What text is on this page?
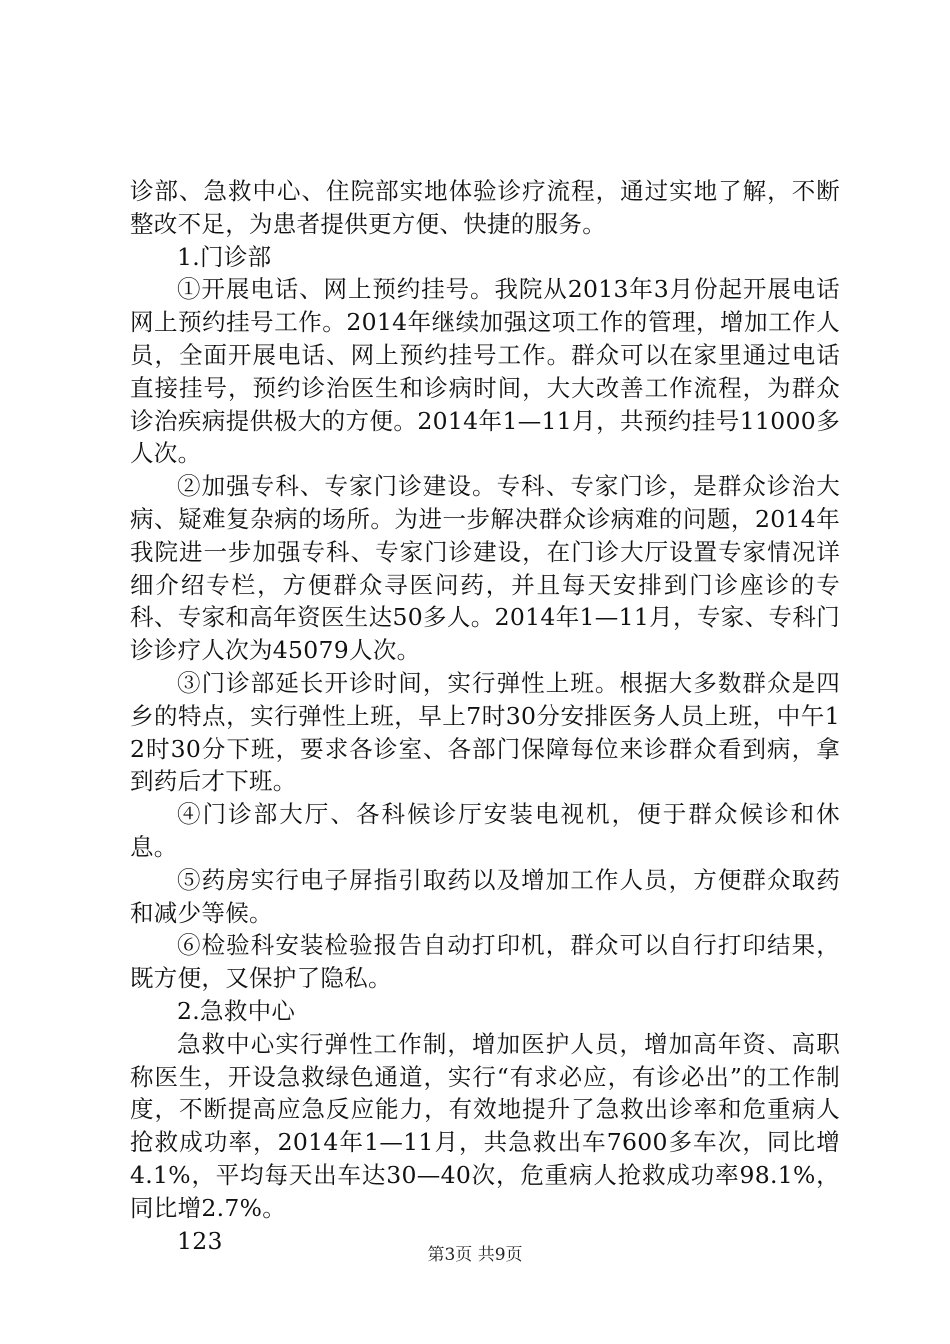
诊部、急救中心、住院部实地体验诊疗流程，通过实地了解，不断整改不足，为患者提供更方便、快捷的服务。

1.门诊部

①开展电话、网上预约挂号。我院从2013年3月份起开展电话网上预约挂号工作。2014年继续加强这项工作的管理，增加工作人员，全面开展电话、网上预约挂号工作。群众可以在家里通过电话直接挂号，预约诊治医生和诊病时间，大大改善工作流程，为群众诊治疾病提供极大的方便。2014年1—11月，共预约挂号11000多人次。

②加强专科、专家门诊建设。专科、专家门诊，是群众诊治大病、疑难复杂病的场所。为进一步解决群众诊病难的问题，2014年我院进一步加强专科、专家门诊建设，在门诊大厅设置专家情况详细介绍专栏，方便群众寻医问药，并且每天安排到门诊座诊的专科、专家和高年资医生达50多人。2014年1—11月，专家、专科门诊诊疗人次为45079人次。

③门诊部延长开诊时间，实行弹性上班。根据大多数群众是四乡的特点，实行弹性上班，早上7时30分安排医务人员上班，中午12时30分下班，要求各诊室、各部门保障每位来诊群众看到病，拿到药后才下班。

④门诊部大厅、各科候诊厅安装电视机，便于群众候诊和休息。

⑤药房实行电子屏指引取药以及增加工作人员，方便群众取药和减少等候。

⑥检验科安装检验报告自动打印机，群众可以自行打印结果，既方便，又保护了隐私。

2.急救中心

急救中心实行弹性工作制，增加医护人员，增加高年资、高职称医生，开设急救绿色通道，实行“有求必应，有诊必出”的工作制度，不断提高应急反应能力，有效地提升了急救出诊率和危重病人抢救成功率，2014年1—11月，共急救出车7600多车次，同比增4.1%，平均每天出车达30—40次，危重病人抢救成功率98.1%，同比增2.7%。

123

第3页 共9页
